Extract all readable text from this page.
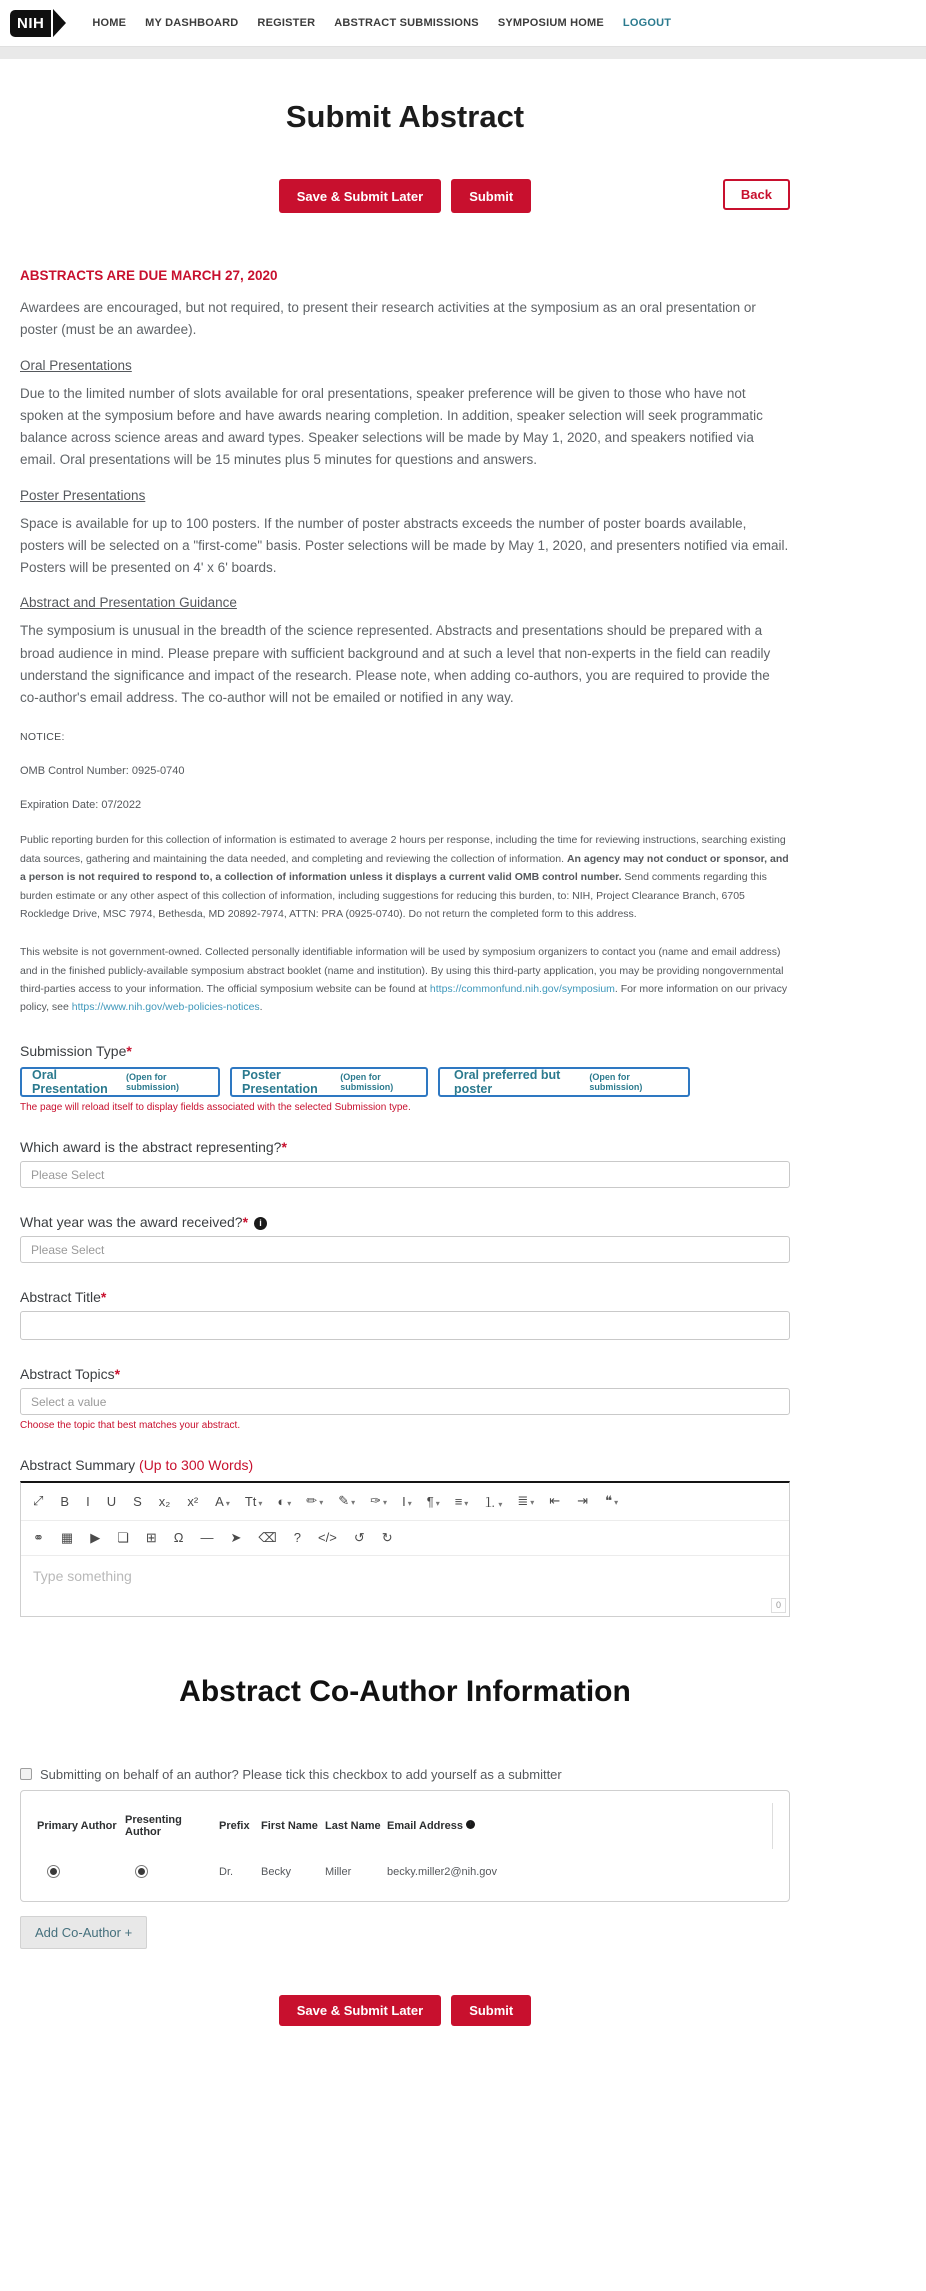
NIH	HOME MY DASHBOARD REGISTER ABSTRACT SUBMISSIONS SYMPOSIUM HOME LOGOUT
Submit Abstract
Save & Submit Later	Submit	Back
ABSTRACTS ARE DUE MARCH 27, 2020

Awardees are encouraged, but not required, to present their research activities at the symposium as an oral presentation or poster (must be an awardee).

Oral Presentations

Due to the limited number of slots available for oral presentations, speaker preference will be given to those who have not spoken at the symposium before and have awards nearing completion. In addition, speaker selection will seek programmatic balance across science areas and award types. Speaker selections will be made by May 1, 2020, and speakers notified via email. Oral presentations will be 15 minutes plus 5 minutes for questions and answers.

Poster Presentations

Space is available for up to 100 posters. If the number of poster abstracts exceeds the number of poster boards available, posters will be selected on a "first-come" basis. Poster selections will be made by May 1, 2020, and presenters notified via email. Posters will be presented on 4' x 6' boards.

Abstract and Presentation Guidance

The symposium is unusual in the breadth of the science represented. Abstracts and presentations should be prepared with a broad audience in mind. Please prepare with sufficient background and at such a level that non-experts in the field can readily understand the significance and impact of the research. Please note, when adding co-authors, you are required to provide the co-author's email address. The co-author will not be emailed or notified in any way.

NOTICE:

OMB Control Number: 0925-0740

Expiration Date: 07/2022

Public reporting burden for this collection of information is estimated to average 2 hours per response, including the time for reviewing instructions, searching existing data sources, gathering and maintaining the data needed, and completing and reviewing the collection of information. An agency may not conduct or sponsor, and a person is not required to respond to, a collection of information unless it displays a current valid OMB control number. Send comments regarding this burden estimate or any other aspect of this collection of information, including suggestions for reducing this burden, to: NIH, Project Clearance Branch, 6705 Rockledge Drive, MSC 7974, Bethesda, MD 20892-7974, ATTN: PRA (0925-0740). Do not return the completed form to this address.

This website is not government-owned. Collected personally identifiable information will be used by symposium organizers to contact you (name and email address) and in the finished publicly-available symposium abstract booklet (name and institution). By using this third-party application, you may be providing nongovernmental third-parties access to your information. The official symposium website can be found at https://commonfund.nih.gov/symposium. For more information on our privacy policy, see https://www.nih.gov/web-policies-notices.

Submission Type*
Oral Presentation
(Open for submission)
Poster Presentation
(Open for submission)
Oral preferred but poster
(Open for submission)
The page will reload itself to display fields associated with the selected Submission type.
Which award is the abstract representing?*
Please Select
What year was the award received?* i
Please Select
Abstract Title*
Abstract Topics*
Select a value
Choose the topic that best matches your abstract.
Abstract Summary (Up to 300 Words)
⤢ B I U S x₂ x² A ▾ Tt ▾ ◐ ▾ ✏ ▾ ✎ ▾ ✑ ▾ I ▾ ¶ ▾ ≡ ▾ ⒈ ▾ ≣ ▾ ⇤ ⇥ ❝ ▾
⚭ ▦ ▶ ❏ ⊞ Ω — ➤ ⌫ ? </> ↺ ↻
Type something
0
Abstract Co-Author Information
Submitting on behalf of an author? Please tick this checkbox to add yourself as a submitter
Primary Author Presenting Author	Prefix	First Name Last Name Email Address i
Dr.	Becky	Miller	becky.miller2@nih.gov
Add Co-Author +
Save & Submit Later	Submit
